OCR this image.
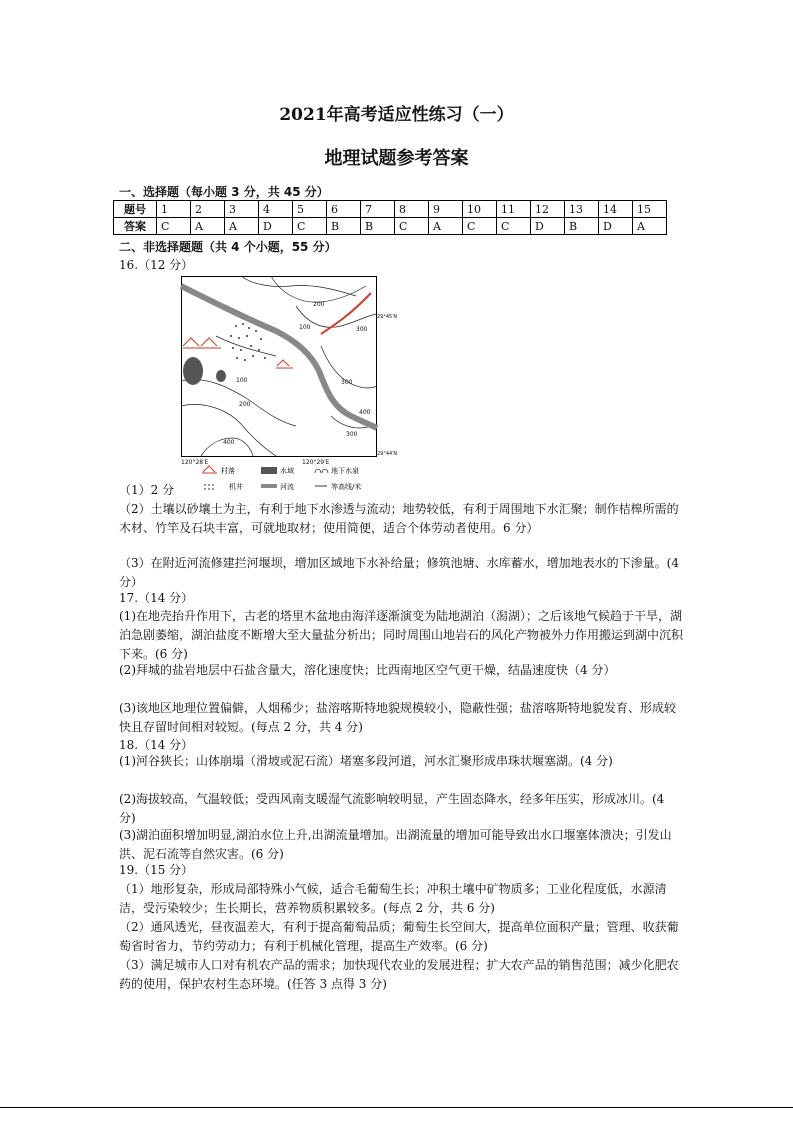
2021年高考适应性练习（一）
地理试题参考答案
一、选择题（每小题 3 分，共 45 分）
题号	1	2	3	4	5	6	7	8	9	10	11	12	13	14	15
答案	C	A	A	D	C	B	B	C	A	C	C	D	B	D	A
二、非选择题题（共 4 个小题，55 分）
16.（12 分）
200
100	300
100
200
300
400
300
400
120°28′E	120°29′E
29°45′N
29°44′N
村落	水域	地下水泉
机井	河流	等高线/米
（1）2 分
（2）土壤以砂壤土为主，有利于地下水渗透与流动；地势较低，有利于周围地下水汇聚；制作桔槔所需的木材、竹竿及石块丰富，可就地取材；使用简便，适合个体劳动者使用。6 分）
（3）在附近河流修建拦河堰坝，增加区域地下水补给量；修筑池塘、水库蓄水，增加地表水的下渗量。(4 分）
17.（14 分）
(1)在地壳抬升作用下，古老的塔里木盆地由海洋逐渐演变为陆地湖泊（潟湖）；之后该地气候趋于干旱，湖泊急剧萎缩，湖泊盐度不断增大至大量盐分析出；同时周围山地岩石的风化产物被外力作用搬运到湖中沉积下来。(6 分)
(2)拜城的盐岩地层中石盐含量大，溶化速度快；比西南地区空气更干燥，结晶速度快（4 分）
(3)该地区地理位置偏僻，人烟稀少；盐溶喀斯特地貌规模较小，隐蔽性强；盐溶喀斯特地貌发育、形成较快且存留时间相对较短。(每点 2 分，共 4 分)
18.（14 分）
(1)河谷狭长；山体崩塌（滑坡或泥石流）堵塞多段河道，河水汇聚形成串珠状堰塞湖。(4 分)
(2)海拔较高，气温较低；受西风南支暖湿气流影响较明显，产生固态降水，经多年压实，形成冰川。(4 分)
(3)湖泊面积增加明显,湖泊水位上升,出湖流量增加。出湖流量的增加可能导致出水口堰塞体溃决；引发山洪、泥石流等自然灾害。(6 分)
19.（15 分）
（1）地形复杂，形成局部特殊小气候，适合毛葡萄生长；冲积土壤中矿物质多；工业化程度低，水源清洁，受污染较少；生长期长，营养物质积累较多。(每点 2 分，共 6 分)
（2）通风透光，昼夜温差大，有利于提高葡萄品质；葡萄生长空间大，提高单位面积产量；管理、收获葡萄省时省力，节约劳动力；有利于机械化管理，提高生产效率。(6 分)
（3）满足城市人口对有机农产品的需求；加快现代农业的发展进程；扩大农产品的销售范围；减少化肥农药的使用，保护农村生态环境。(任答 3 点得 3 分)
